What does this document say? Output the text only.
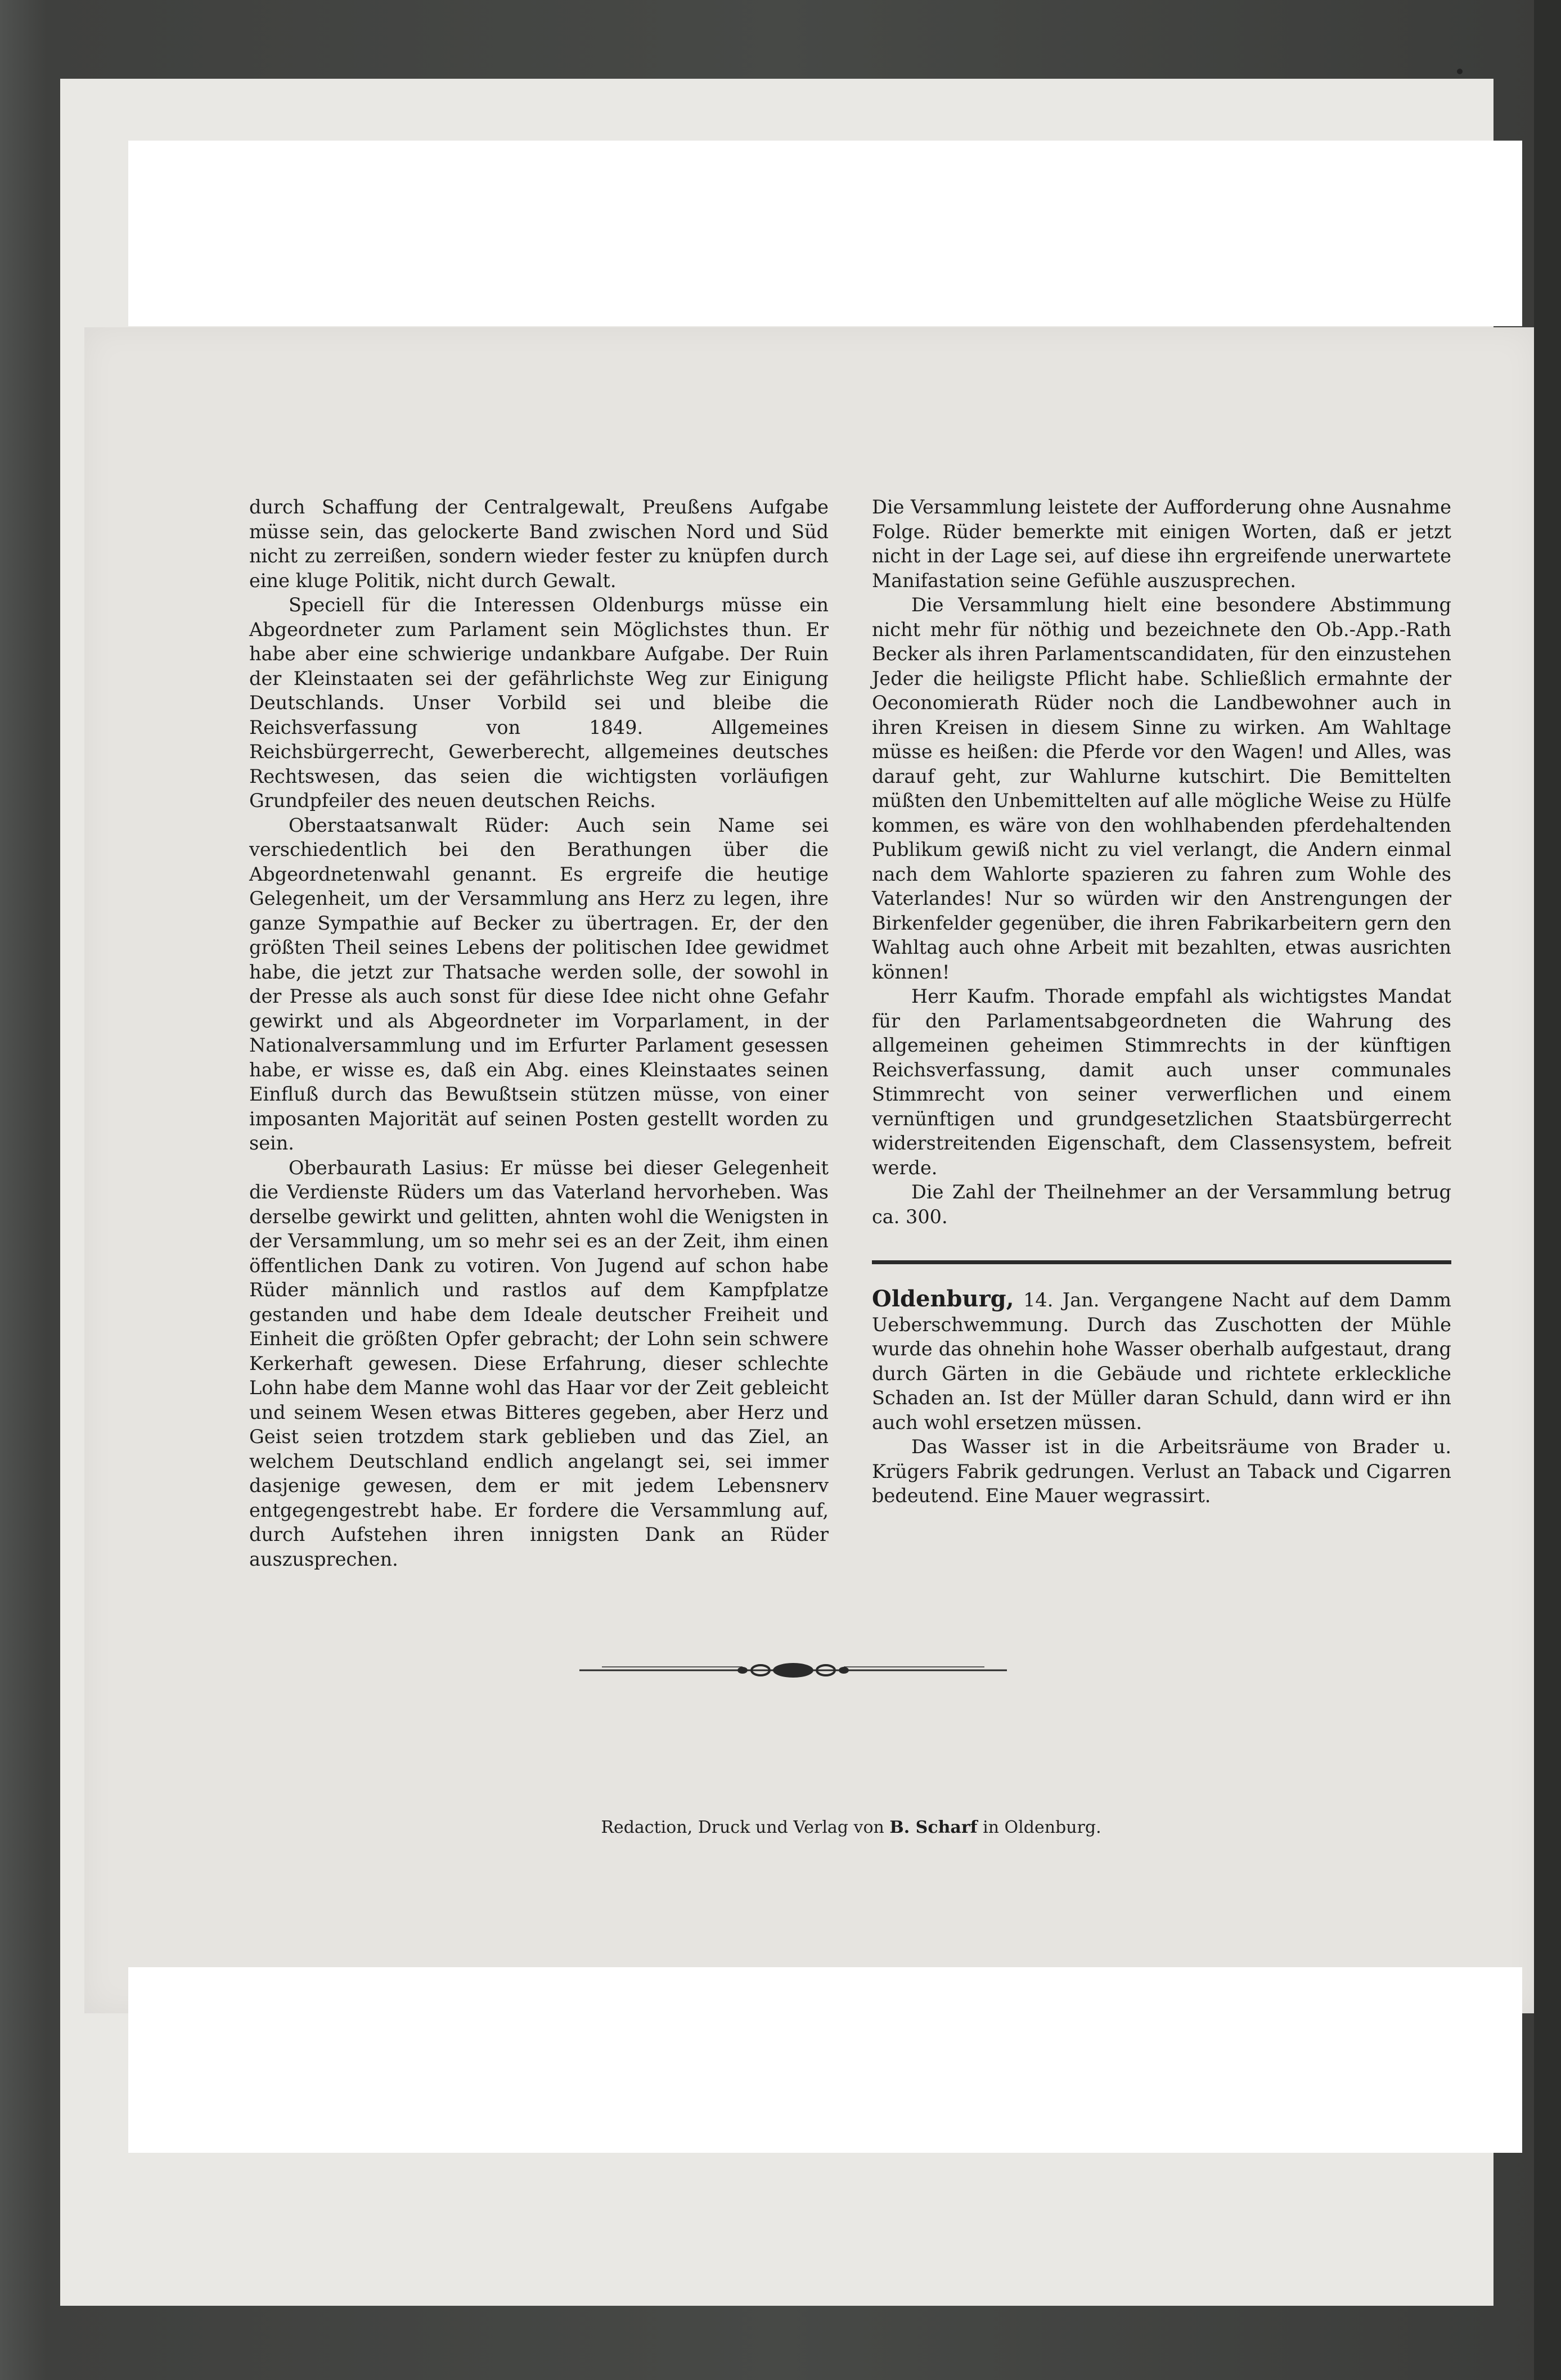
durch Schaffung der Centralgewalt, Preußens Aufgabe müsse sein, das gelockerte Band zwischen Nord und Süd nicht zu zerreißen, sondern wieder fester zu knüpfen durch eine kluge Politik, nicht durch Gewalt.

Speciell für die Interessen Oldenburgs müsse ein Abgeordneter zum Parlament sein Möglichstes thun. Er habe aber eine schwierige undankbare Aufgabe. Der Ruin der Kleinstaaten sei der gefährlichste Weg zur Einigung Deutschlands. Unser Vorbild sei und bleibe die Reichsverfassung von 1849. Allgemeines Reichsbürgerrecht, Gewerberecht, allgemeines deutsches Rechtswesen, das seien die wichtigsten vorläufigen Grundpfeiler des neuen deutschen Reichs.

Oberstaatsanwalt Rüder: Auch sein Name sei verschiedentlich bei den Berathungen über die Abgeordnetenwahl genannt. Es ergreife die heutige Gelegenheit, um der Versammlung ans Herz zu legen, ihre ganze Sympathie auf Becker zu übertragen. Er, der den größten Theil seines Lebens der politischen Idee gewidmet habe, die jetzt zur Thatsache werden solle, der sowohl in der Presse als auch sonst für diese Idee nicht ohne Gefahr gewirkt und als Abgeordneter im Vorparlament, in der Nationalversammlung und im Erfurter Parlament gesessen habe, er wisse es, daß ein Abg. eines Kleinstaates seinen Einfluß durch das Bewußtsein stützen müsse, von einer imposanten Majorität auf seinen Posten gestellt worden zu sein.

Oberbaurath Lasius: Er müsse bei dieser Gelegenheit die Verdienste Rüders um das Vaterland hervorheben. Was derselbe gewirkt und gelitten, ahnten wohl die Wenigsten in der Versammlung, um so mehr sei es an der Zeit, ihm einen öffentlichen Dank zu votiren. Von Jugend auf schon habe Rüder männlich und rastlos auf dem Kampfplatze gestanden und habe dem Ideale deutscher Freiheit und Einheit die größten Opfer gebracht; der Lohn sein schwere Kerkerhaft gewesen. Diese Erfahrung, dieser schlechte Lohn habe dem Manne wohl das Haar vor der Zeit gebleicht und seinem Wesen etwas Bitteres gegeben, aber Herz und Geist seien trotzdem stark geblieben und das Ziel, an welchem Deutschland endlich angelangt sei, sei immer dasjenige gewesen, dem er mit jedem Lebensnerv entgegengestrebt habe. Er fordere die Versammlung auf, durch Aufstehen ihren innigsten Dank an Rüder auszusprechen.

Die Versammlung leistete der Aufforderung ohne Ausnahme Folge. Rüder bemerkte mit einigen Worten, daß er jetzt nicht in der Lage sei, auf diese ihn ergreifende unerwartete Manifastation seine Gefühle auszusprechen.

Die Versammlung hielt eine besondere Abstimmung nicht mehr für nöthig und bezeichnete den Ob.-App.-Rath Becker als ihren Parlamentscandidaten, für den einzustehen Jeder die heiligste Pflicht habe. Schließlich ermahnte der Oeconomierath Rüder noch die Landbewohner auch in ihren Kreisen in diesem Sinne zu wirken. Am Wahltage müsse es heißen: die Pferde vor den Wagen! und Alles, was darauf geht, zur Wahlurne kutschirt. Die Bemittelten müßten den Unbemittelten auf alle mögliche Weise zu Hülfe kommen, es wäre von den wohlhabenden pferdehaltenden Publikum gewiß nicht zu viel verlangt, die Andern einmal nach dem Wahlorte spazieren zu fahren zum Wohle des Vaterlandes! Nur so würden wir den Anstrengungen der Birkenfelder gegenüber, die ihren Fabrikarbeitern gern den Wahltag auch ohne Arbeit mit bezahlten, etwas ausrichten können!

Herr Kaufm. Thorade empfahl als wichtigstes Mandat für den Parlamentsabgeordneten die Wahrung des allgemeinen geheimen Stimmrechts in der künftigen Reichsverfassung, damit auch unser communales Stimmrecht von seiner verwerflichen und einem vernünftigen und grundgesetzlichen Staatsbürgerrecht widerstreitenden Eigenschaft, dem Classensystem, befreit werde.

Die Zahl der Theilnehmer an der Versammlung betrug ca. 300.

Oldenburg, 14. Jan. Vergangene Nacht auf dem Damm Ueberschwemmung. Durch das Zuschotten der Mühle wurde das ohnehin hohe Wasser oberhalb aufgestaut, drang durch Gärten in die Gebäude und richtete erkleckliche Schaden an. Ist der Müller daran Schuld, dann wird er ihn auch wohl ersetzen müssen.

Das Wasser ist in die Arbeitsräume von Brader u. Krügers Fabrik gedrungen. Verlust an Taback und Cigarren bedeutend. Eine Mauer wegrassirt.

Redaction, Druck und Verlag von B. Scharf in Oldenburg.
